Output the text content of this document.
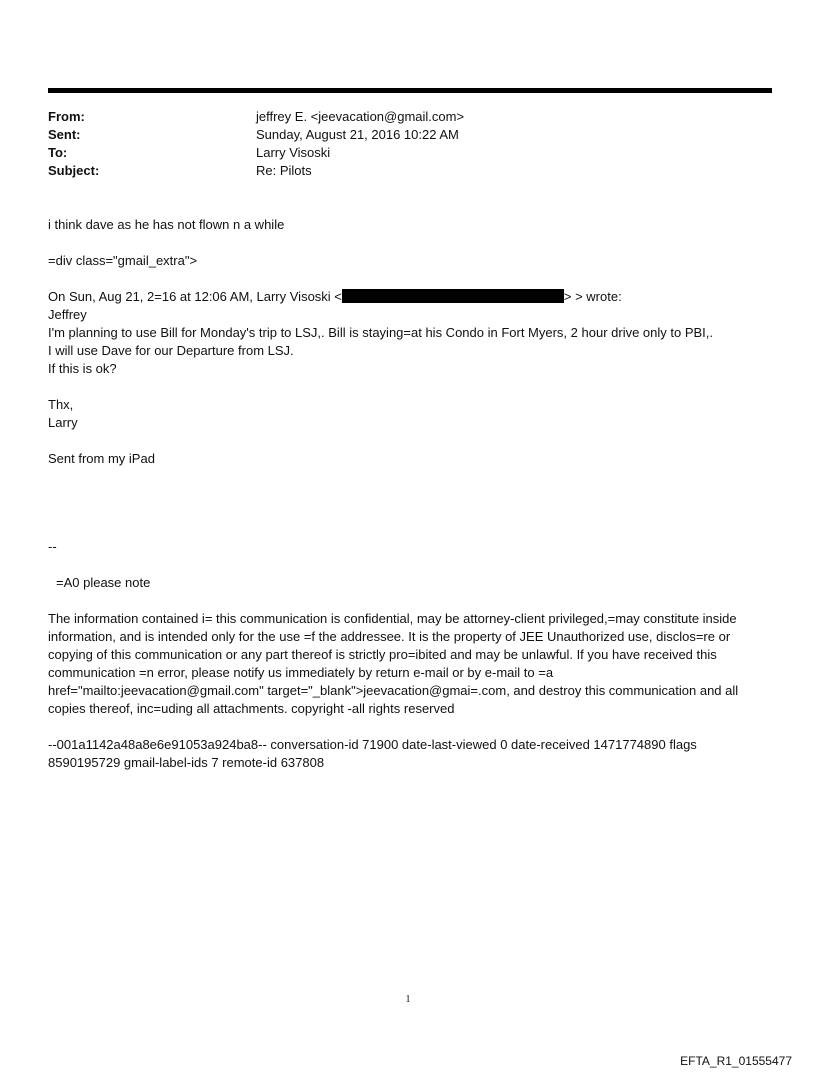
From:	jeffrey E. <jeevacation@gmail.com>
Sent:	Sunday, August 21, 2016 10:22 AM
To:	Larry Visoski
Subject:	Re: Pilots
i think dave as he has not flown n a while
=div class="gmail_extra">
On Sun, Aug 21, 2=16 at 12:06 AM, Larry Visoski <	> > wrote:
Jeffrey
I'm planning to use Bill for Monday's trip to LSJ,. Bill is staying=at his Condo in Fort Myers, 2 hour drive only to PBI,.
I will use Dave for our Departure from LSJ.
If this is ok?
Thx,
Larry
Sent from my iPad
--
=A0 please note
The information contained i= this communication is confidential, may be attorney-client privileged,=may constitute inside information, and is intended only for the use =f the addressee. It is the property of JEE Unauthorized use, disclos=re or copying of this communication or any part thereof is strictly pro=ibited and may be unlawful. If you have received this communication =n error, please notify us immediately by return e-mail or by e-mail to =a href="mailto:jeevacation@gmail.com" target="_blank">jeevacation@gmai=.com, and destroy this communication and all copies thereof, inc=uding all attachments. copyright -all rights reserved
--001a1142a48a8e6e91053a924ba8-- conversation-id 71900 date-last-viewed 0 date-received 1471774890 flags 8590195729 gmail-label-ids 7 remote-id 637808
1
EFTA_R1_01555477
